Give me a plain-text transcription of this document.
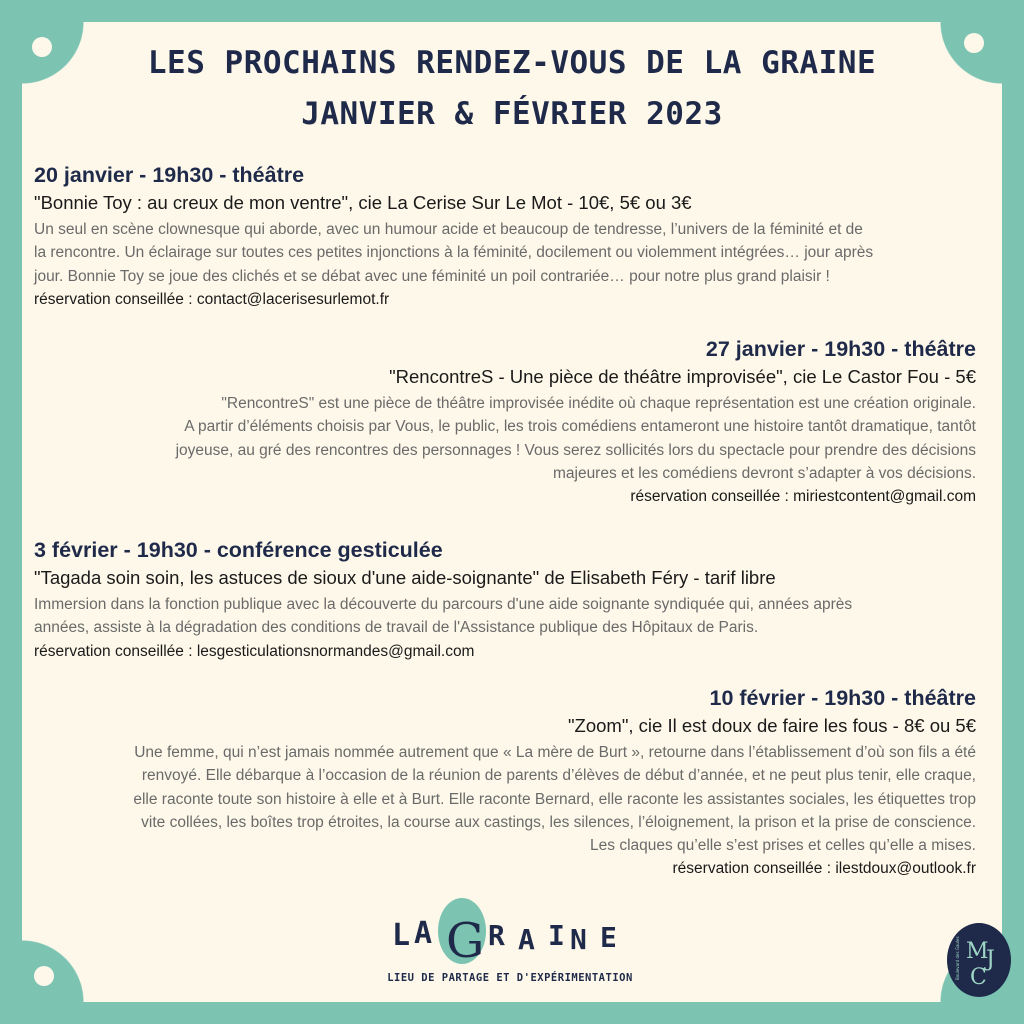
LES PROCHAINS RENDEZ-VOUS DE LA GRAINE
JANVIER & FÉVRIER 2023
20 janvier - 19h30 - théâtre
"Bonnie Toy : au creux de mon ventre", cie La Cerise Sur Le Mot - 10€, 5€ ou 3€
Un seul en scène clownesque qui aborde, avec un humour acide et beaucoup de tendresse, l’univers de la féminité et de
la rencontre. Un éclairage sur toutes ces petites injonctions à la féminité, docilement ou violemment intégrées… jour après
jour. Bonnie Toy se joue des clichés et se débat avec une féminité un poil contrariée… pour notre plus grand plaisir !
réservation conseillée : contact@lacerisesurlemot.fr
27 janvier - 19h30 - théâtre
"RencontreS - Une pièce de théâtre improvisée", cie Le Castor Fou - 5€
"RencontreS" est une pièce de théâtre improvisée inédite où chaque représentation est une création originale.
A partir d’éléments choisis par Vous, le public, les trois comédiens entameront une histoire tantôt dramatique, tantôt
joyeuse, au gré des rencontres des personnages ! Vous serez sollicités lors du spectacle pour prendre des décisions
majeures et les comédiens devront s’adapter à vos décisions.
réservation conseillée : miriestcontent@gmail.com
3 février - 19h30 - conférence gesticulée
"Tagada soin soin, les astuces de sioux d'une aide-soignante" de Elisabeth Féry - tarif libre
Immersion dans la fonction publique avec la découverte du parcours d'une aide soignante syndiquée qui, années après
années, assiste à la dégradation des conditions de travail de l'Assistance publique des Hôpitaux de Paris.
réservation conseillée : lesgesticulationsnormandes@gmail.com
10 février - 19h30 - théâtre
"Zoom", cie Il est doux de faire les fous - 8€ ou 5€
Une femme, qui n’est jamais nommée autrement que « La mère de Burt », retourne dans l’établissement d’où son fils a été
renvoyé. Elle débarque à l’occasion de la réunion de parents d’élèves de début d’année, et ne peut plus tenir, elle craque,
elle raconte toute son histoire à elle et à Burt. Elle raconte Bernard, elle raconte les assistantes sociales, les étiquettes trop
vite collées, les boîtes trop étroites, la course aux castings, les silences, l’éloignement, la prison et la prise de conscience.
Les claques qu’elle s’est prises et celles qu’elle a mises.
réservation conseillée : ilestdoux@outlook.fr
L A G R A I N E
LIEU DE PARTAGE ET D'EXPÉRIMENTATION
M
J
C
Boulevard des Gaules
